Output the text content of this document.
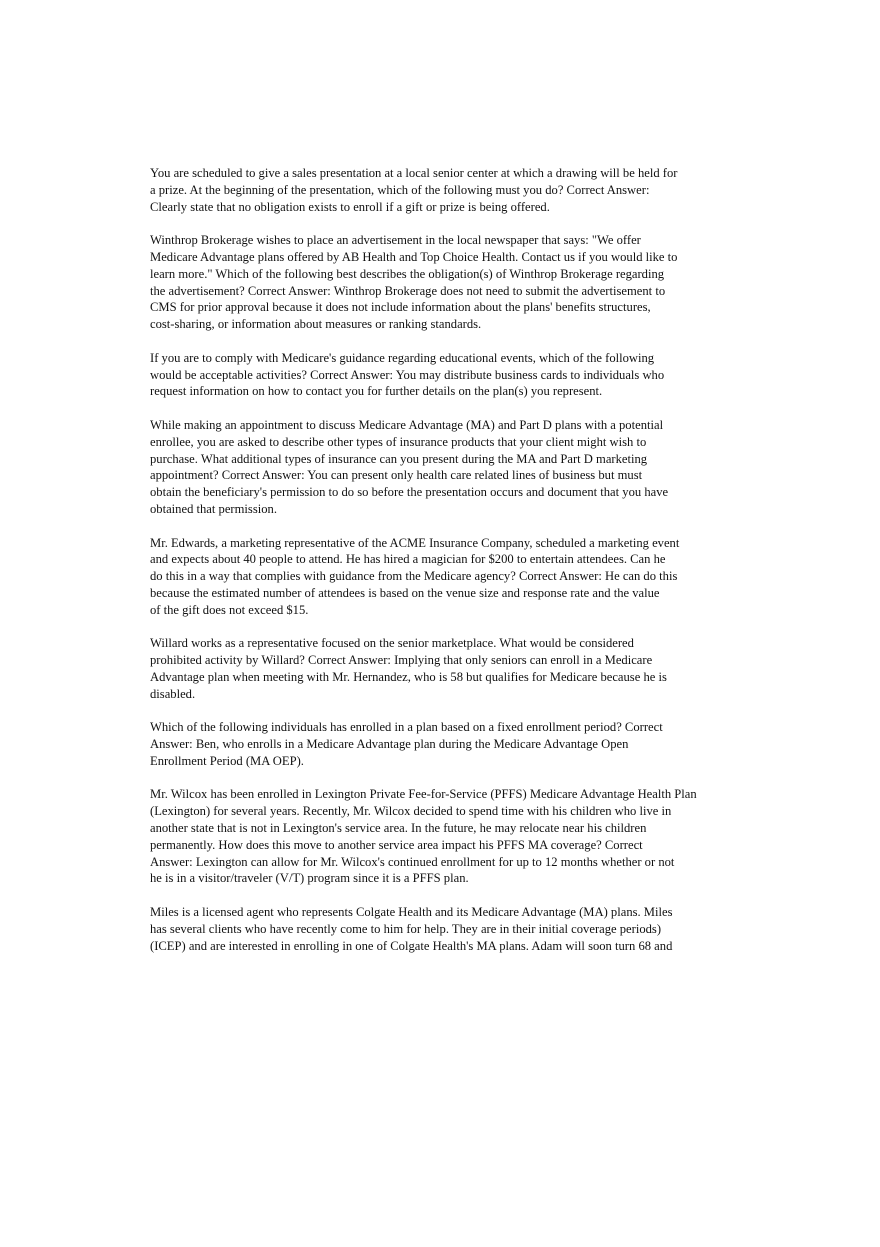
You are scheduled to give a sales presentation at a local senior center at which a drawing will be held for
a prize. At the beginning of the presentation, which of the following must you do? Correct Answer:
Clearly state that no obligation exists to enroll if a gift or prize is being offered.

Winthrop Brokerage wishes to place an advertisement in the local newspaper that says: "We offer
Medicare Advantage plans offered by AB Health and Top Choice Health. Contact us if you would like to
learn more." Which of the following best describes the obligation(s) of Winthrop Brokerage regarding
the advertisement? Correct Answer: Winthrop Brokerage does not need to submit the advertisement to
CMS for prior approval because it does not include information about the plans' benefits structures,
cost-sharing, or information about measures or ranking standards.

If you are to comply with Medicare's guidance regarding educational events, which of the following
would be acceptable activities? Correct Answer: You may distribute business cards to individuals who
request information on how to contact you for further details on the plan(s) you represent.

While making an appointment to discuss Medicare Advantage (MA) and Part D plans with a potential
enrollee, you are asked to describe other types of insurance products that your client might wish to
purchase. What additional types of insurance can you present during the MA and Part D marketing
appointment? Correct Answer: You can present only health care related lines of business but must
obtain the beneficiary's permission to do so before the presentation occurs and document that you have
obtained that permission.

Mr. Edwards, a marketing representative of the ACME Insurance Company, scheduled a marketing event
and expects about 40 people to attend. He has hired a magician for $200 to entertain attendees. Can he
do this in a way that complies with guidance from the Medicare agency? Correct Answer: He can do this
because the estimated number of attendees is based on the venue size and response rate and the value
of the gift does not exceed $15.

Willard works as a representative focused on the senior marketplace. What would be considered
prohibited activity by Willard? Correct Answer: Implying that only seniors can enroll in a Medicare
Advantage plan when meeting with Mr. Hernandez, who is 58 but qualifies for Medicare because he is
disabled.

Which of the following individuals has enrolled in a plan based on a fixed enrollment period? Correct
Answer: Ben, who enrolls in a Medicare Advantage plan during the Medicare Advantage Open
Enrollment Period (MA OEP).

Mr. Wilcox has been enrolled in Lexington Private Fee-for-Service (PFFS) Medicare Advantage Health Plan
(Lexington) for several years. Recently, Mr. Wilcox decided to spend time with his children who live in
another state that is not in Lexington's service area. In the future, he may relocate near his children
permanently. How does this move to another service area impact his PFFS MA coverage? Correct
Answer: Lexington can allow for Mr. Wilcox's continued enrollment for up to 12 months whether or not
he is in a visitor/traveler (V/T) program since it is a PFFS plan.

Miles is a licensed agent who represents Colgate Health and its Medicare Advantage (MA) plans. Miles
has several clients who have recently come to him for help. They are in their initial coverage periods)
(ICEP) and are interested in enrolling in one of Colgate Health's MA plans. Adam will soon turn 68 and
